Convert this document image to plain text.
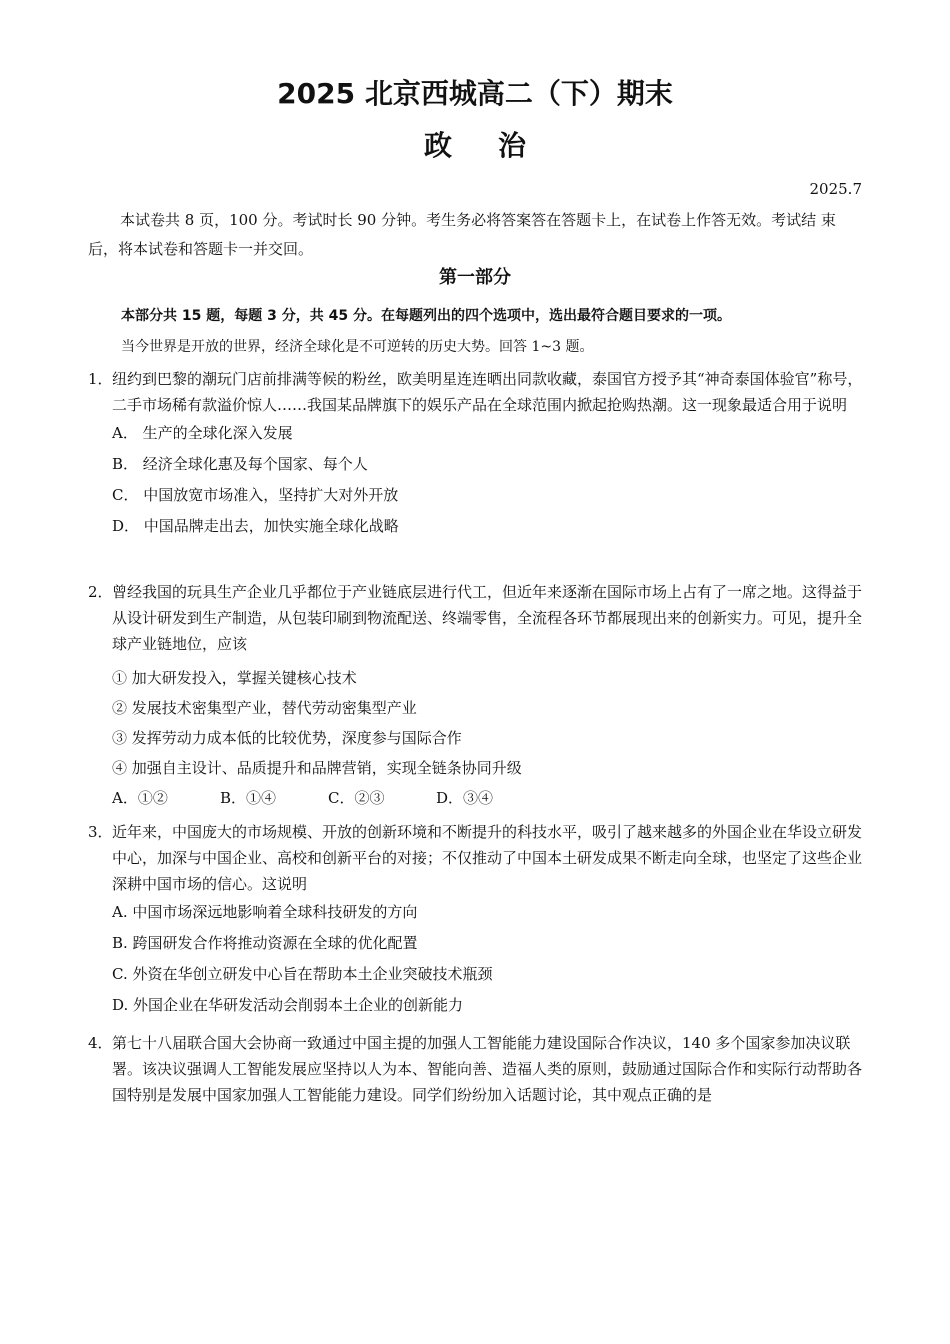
2025 北京西城高二（下）期末
政治
2025.7
本试卷共 8 页，100 分。考试时长 90 分钟。考生务必将答案答在答题卡上，在试卷上作答无效。考试结 束后，将本试卷和答题卡一并交回。
第一部分
本部分共 15 题，每题 3 分，共 45 分。在每题列出的四个选项中，选出最符合题目要求的一项。
当今世界是开放的世界，经济全球化是不可逆转的历史大势。回答 1~3 题。
1． 纽约到巴黎的潮玩门店前排满等候的粉丝，欧美明星连连晒出同款收藏，泰国官方授予其“神奇泰国体验官”称号，二手市场稀有款溢价惊人……我国某品牌旗下的娱乐产品在全球范围内掀起抢购热潮。这一现象最适合用于说明
A． 生产的全球化深入发展
B． 经济全球化惠及每个国家、每个人
C． 中国放宽市场准入，坚持扩大对外开放
D． 中国品牌走出去，加快实施全球化战略
2． 曾经我国的玩具生产企业几乎都位于产业链底层进行代工，但近年来逐渐在国际市场上占有了一席之地。这得益于从设计研发到生产制造，从包装印刷到物流配送、终端零售，全流程各环节都展现出来的创新实力。可见，提升全球产业链地位，应该
① 加大研发投入，掌握关键核心技术
② 发展技术密集型产业，替代劳动密集型产业
③ 发挥劳动力成本低的比较优势，深度参与国际合作
④ 加强自主设计、品质提升和品牌营销，实现全链条协同升级
A．①②	B．①④	C．②③	D．③④
3． 近年来，中国庞大的市场规模、开放的创新环境和不断提升的科技水平，吸引了越来越多的外国企业在华设立研发中心，加深与中国企业、高校和创新平台的对接；不仅推动了中国本土研发成果不断走向全球，也坚定了这些企业深耕中国市场的信心。这说明
A. 中国市场深远地影响着全球科技研发的方向
B. 跨国研发合作将推动资源在全球的优化配置
C. 外资在华创立研发中心旨在帮助本土企业突破技术瓶颈
D. 外国企业在华研发活动会削弱本土企业的创新能力
4． 第七十八届联合国大会协商一致通过中国主提的加强人工智能能力建设国际合作决议，140 多个国家参加决议联署。该决议强调人工智能发展应坚持以人为本、智能向善、造福人类的原则，鼓励通过国际合作和实际行动帮助各国特别是发展中国家加强人工智能能力建设。同学们纷纷加入话题讨论，其中观点正确的是
